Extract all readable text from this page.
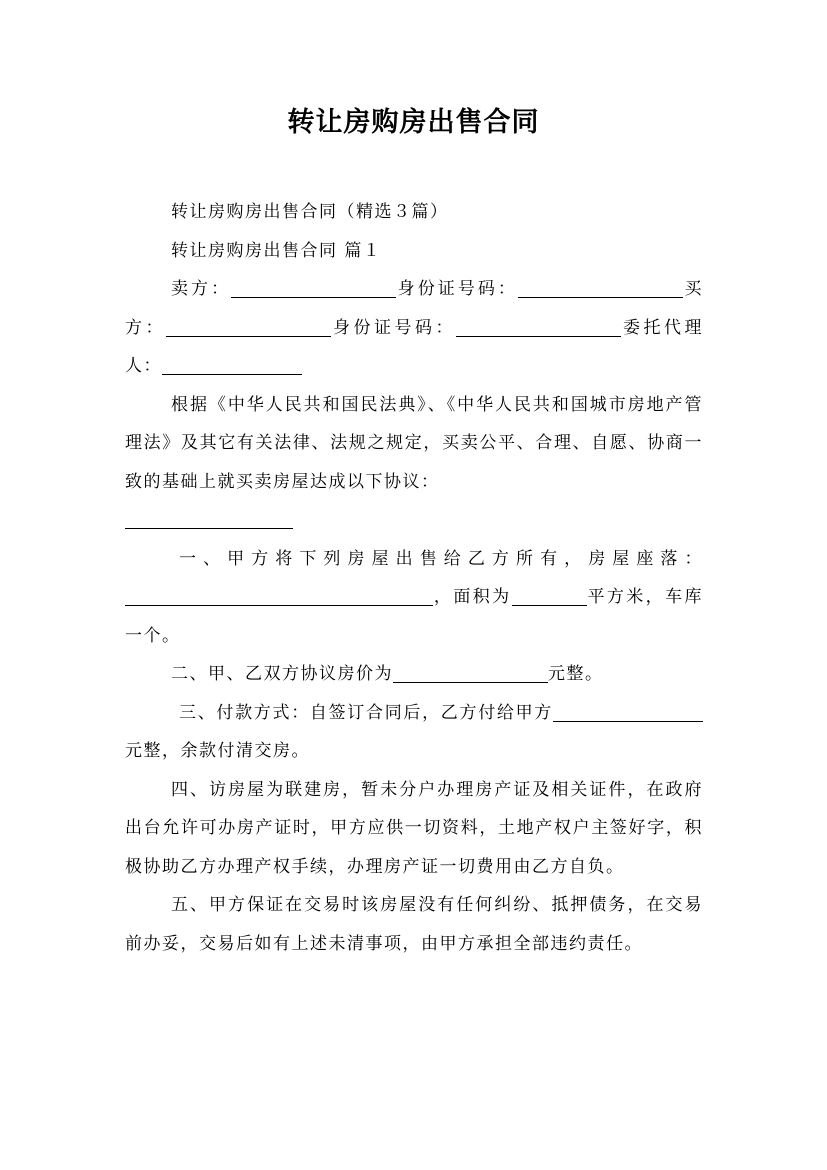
转让房购房出售合同

转让房购房出售合同（精选３篇）

转让房购房出售合同 篇１

卖方：	身份证号码：	买方：	身份证号码：	委托代理人：

根据《中华人民共和国民法典》、《中华人民共和国城市房地产管理法》及其它有关法律、法规之规定，买卖公平、合理、自愿、协商一致的基础上就买卖房屋达成以下协议：

一、甲方将下列房屋出售给乙方所有，房屋座落：，面积为	平方米，车库一个。

二、甲、乙双方协议房价为	元整。

三、付款方式：自签订合同后，乙方付给甲方元整，余款付清交房。

四、访房屋为联建房，暂未分户办理房产证及相关证件，在政府出台允许可办房产证时，甲方应供一切资料，土地产权户主签好字，积极协助乙方办理产权手续，办理房产证一切费用由乙方自负。

五、甲方保证在交易时该房屋没有任何纠纷、抵押债务，在交易前办妥，交易后如有上述未清事项，由甲方承担全部违约责任。
